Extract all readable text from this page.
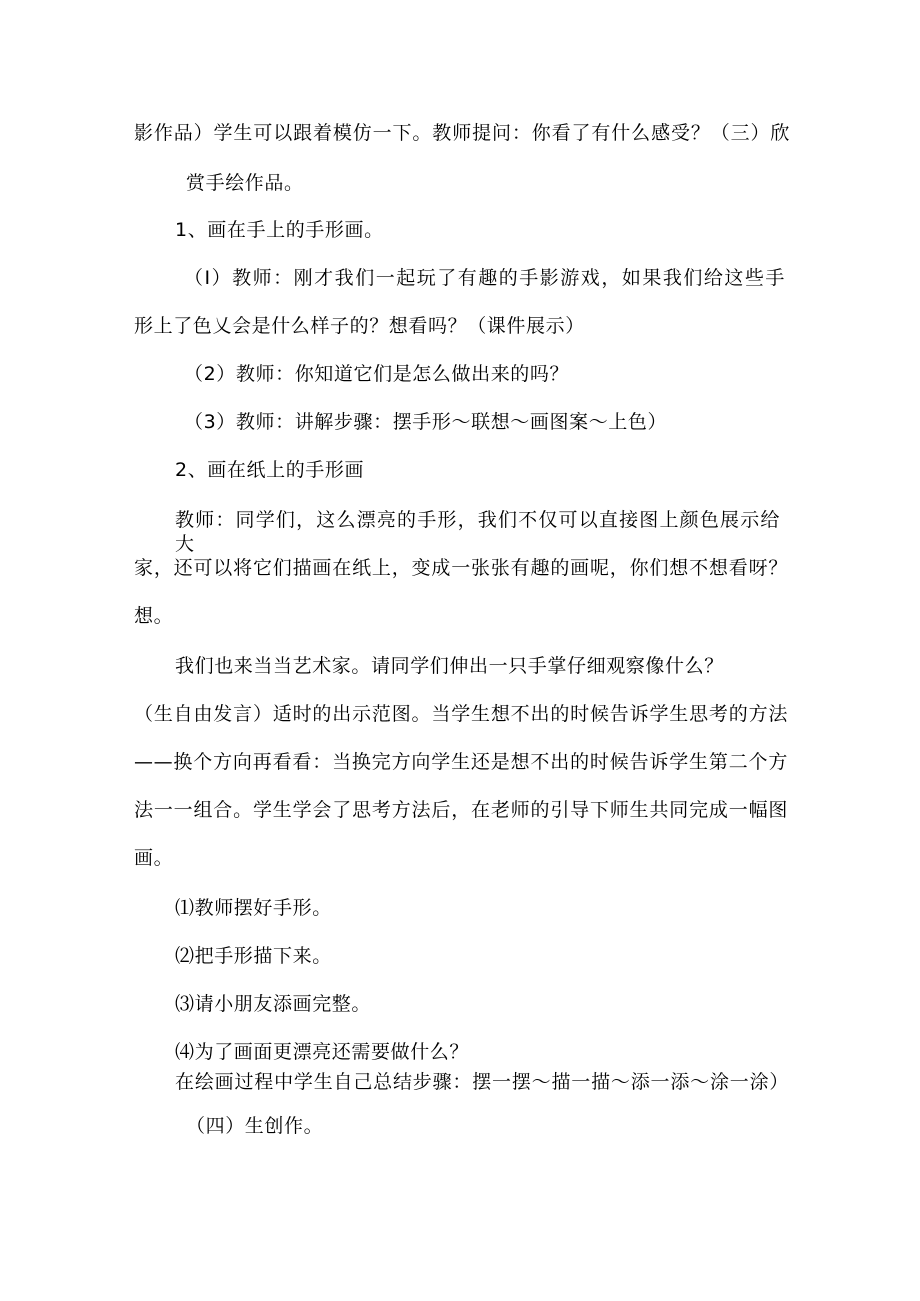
影作品）学生可以跟着模仿一下。教师提问：你看了有什么感受？（三）欣
赏手绘作品。
1、画在手上的手形画。
（I）教师：刚才我们一起玩了有趣的手影游戏，如果我们给这些手
形上了色乂会是什么样子的？想看吗？（课件展示）
（2）教师：你知道它们是怎么做出来的吗？
（3）教师：讲解步骤：摆手形～联想～画图案～上色）
2、画在纸上的手形画
教师：同学们，这么漂亮的手形，我们不仅可以直接图上颜色展示给大
家，还可以将它们描画在纸上，变成一张张有趣的画呢，你们想不想看呀？
想。
我们也来当当艺术家。请同学们伸出一只手掌仔细观察像什么？
（生自由发言）适时的出示范图。当学生想不出的时候告诉学生思考的方法
——换个方向再看看：当换完方向学生还是想不出的时候告诉学生第二个方
法一一组合。学生学会了思考方法后，在老师的引导下师生共同完成一幅图
画。
⑴教师摆好手形。
⑵把手形描下来。
⑶请小朋友添画完整。
⑷为了画面更漂亮还需要做什么？
在绘画过程中学生自己总结步骤：摆一摆～描一描～添一添～涂一涂）
（四）生创作。
